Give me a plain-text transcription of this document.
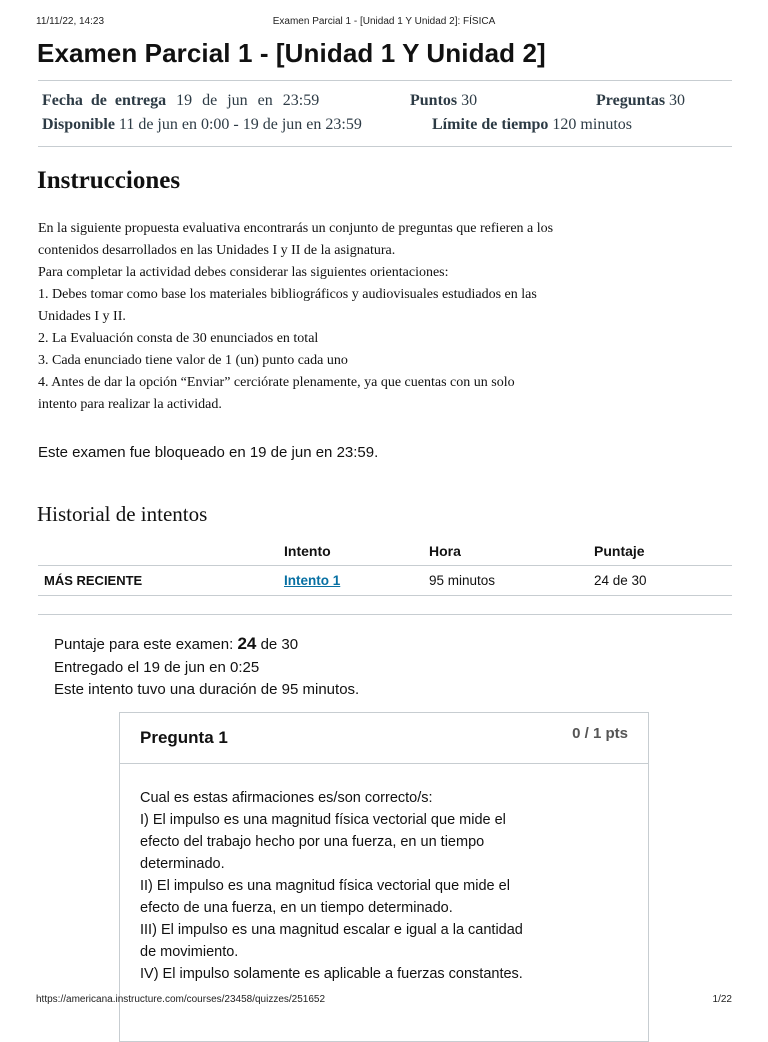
11/11/22, 14:23	Examen Parcial 1 - [Unidad 1 Y Unidad 2]: FÍSICA
Examen Parcial 1 - [Unidad 1 Y Unidad 2]
Fecha de entrega 19 de jun en 23:59	Puntos 30	Preguntas 30
Disponible 11 de jun en 0:00 - 19 de jun en 23:59	Límite de tiempo 120 minutos
Instrucciones

En la siguiente propuesta evaluativa encontrarás un conjunto de preguntas que refieren a los

contenidos desarrollados en las Unidades I y II de la asignatura.

Para completar la actividad debes considerar las siguientes orientaciones:

1. Debes tomar como base los materiales bibliográficos y audiovisuales estudiados en las

Unidades I y II.

2. La Evaluación consta de 30 enunciados en total

3. Cada enunciado tiene valor de 1 (un) punto cada uno

4. Antes de dar la opción “Enviar” cerciórate plenamente, ya que cuentas con un solo

intento para realizar la actividad.

Este examen fue bloqueado en 19 de jun en 23:59.
Historial de intentos
	Intento	Hora	Puntaje
MÁS RECIENTE	Intento 1	95 minutos	24 de 30
Puntaje para este examen: 24 de 30
Entregado el 19 de jun en 0:25
Este intento tuvo una duración de 95 minutos.
Pregunta 1	0 / 1 pts

Cual es estas afirmaciones es/son correcto/s:

I) El impulso es una magnitud física vectorial que mide el

efecto del trabajo hecho por una fuerza, en un tiempo

determinado.

II) El impulso es una magnitud física vectorial que mide el

efecto de una fuerza, en un tiempo determinado.

III) El impulso es una magnitud escalar e igual a la cantidad

de movimiento.

IV) El impulso solamente es aplicable a fuerzas constantes.

https://americana.instructure.com/courses/23458/quizzes/251652	1/22
